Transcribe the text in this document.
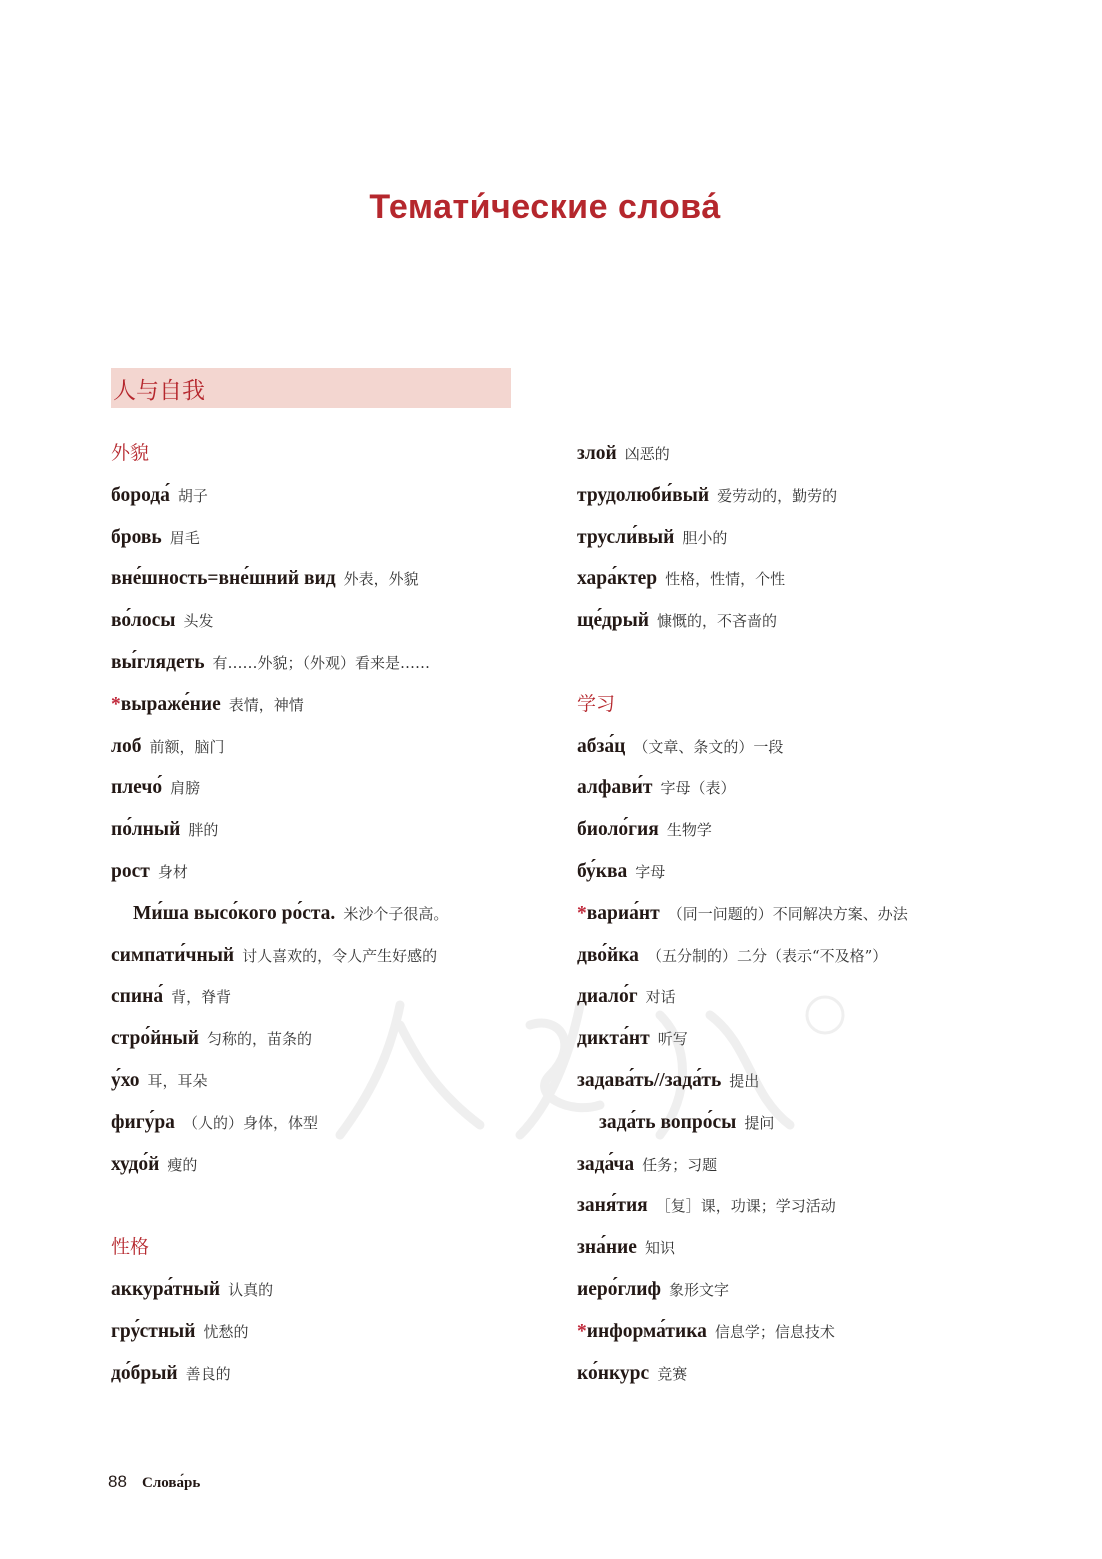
Темати́ческие слова́
人与自我
外貌
борода́ 胡子
бровь 眉毛
вне́шность=вне́шний вид 外表，外貌
во́лосы 头发
вы́глядеть 有……外貌；（外观）看来是……
*выраже́ние 表情，神情
лоб 前额，脑门
плечо́ 肩膀
по́лный 胖的
рост 身材
Ми́ша высо́кого ро́ста. 米沙个子很高。
симпати́чный 讨人喜欢的，令人产生好感的
спина́ 背，脊背
стро́йный 匀称的，苗条的
у́хо 耳，耳朵
фигу́ра （人的）身体，体型
худо́й 瘦的
性格
аккура́тный 认真的
гру́стный 忧愁的
до́брый 善良的
злой 凶恶的
трудолюби́вый 爱劳动的，勤劳的
трусли́вый 胆小的
хара́ктер 性格，性情，个性
ще́дрый 慷慨的，不吝啬的
学习
абза́ц （文章、条文的）一段
алфави́т 字母（表）
биоло́гия 生物学
бу́ква 字母
*вариа́нт （同一问题的）不同解决方案、办法
дво́йка （五分制的）二分（表示“不及格”）
диало́г 对话
дикта́нт 听写
задава́ть//зада́ть 提出
зада́ть вопро́сы 提问
зада́ча 任务；习题
заня́тия ［复］课，功课；学习活动
зна́ние 知识
иеро́глиф 象形文字
*информа́тика 信息学；信息技术
ко́нкурс 竞赛
88 Слова́рь
